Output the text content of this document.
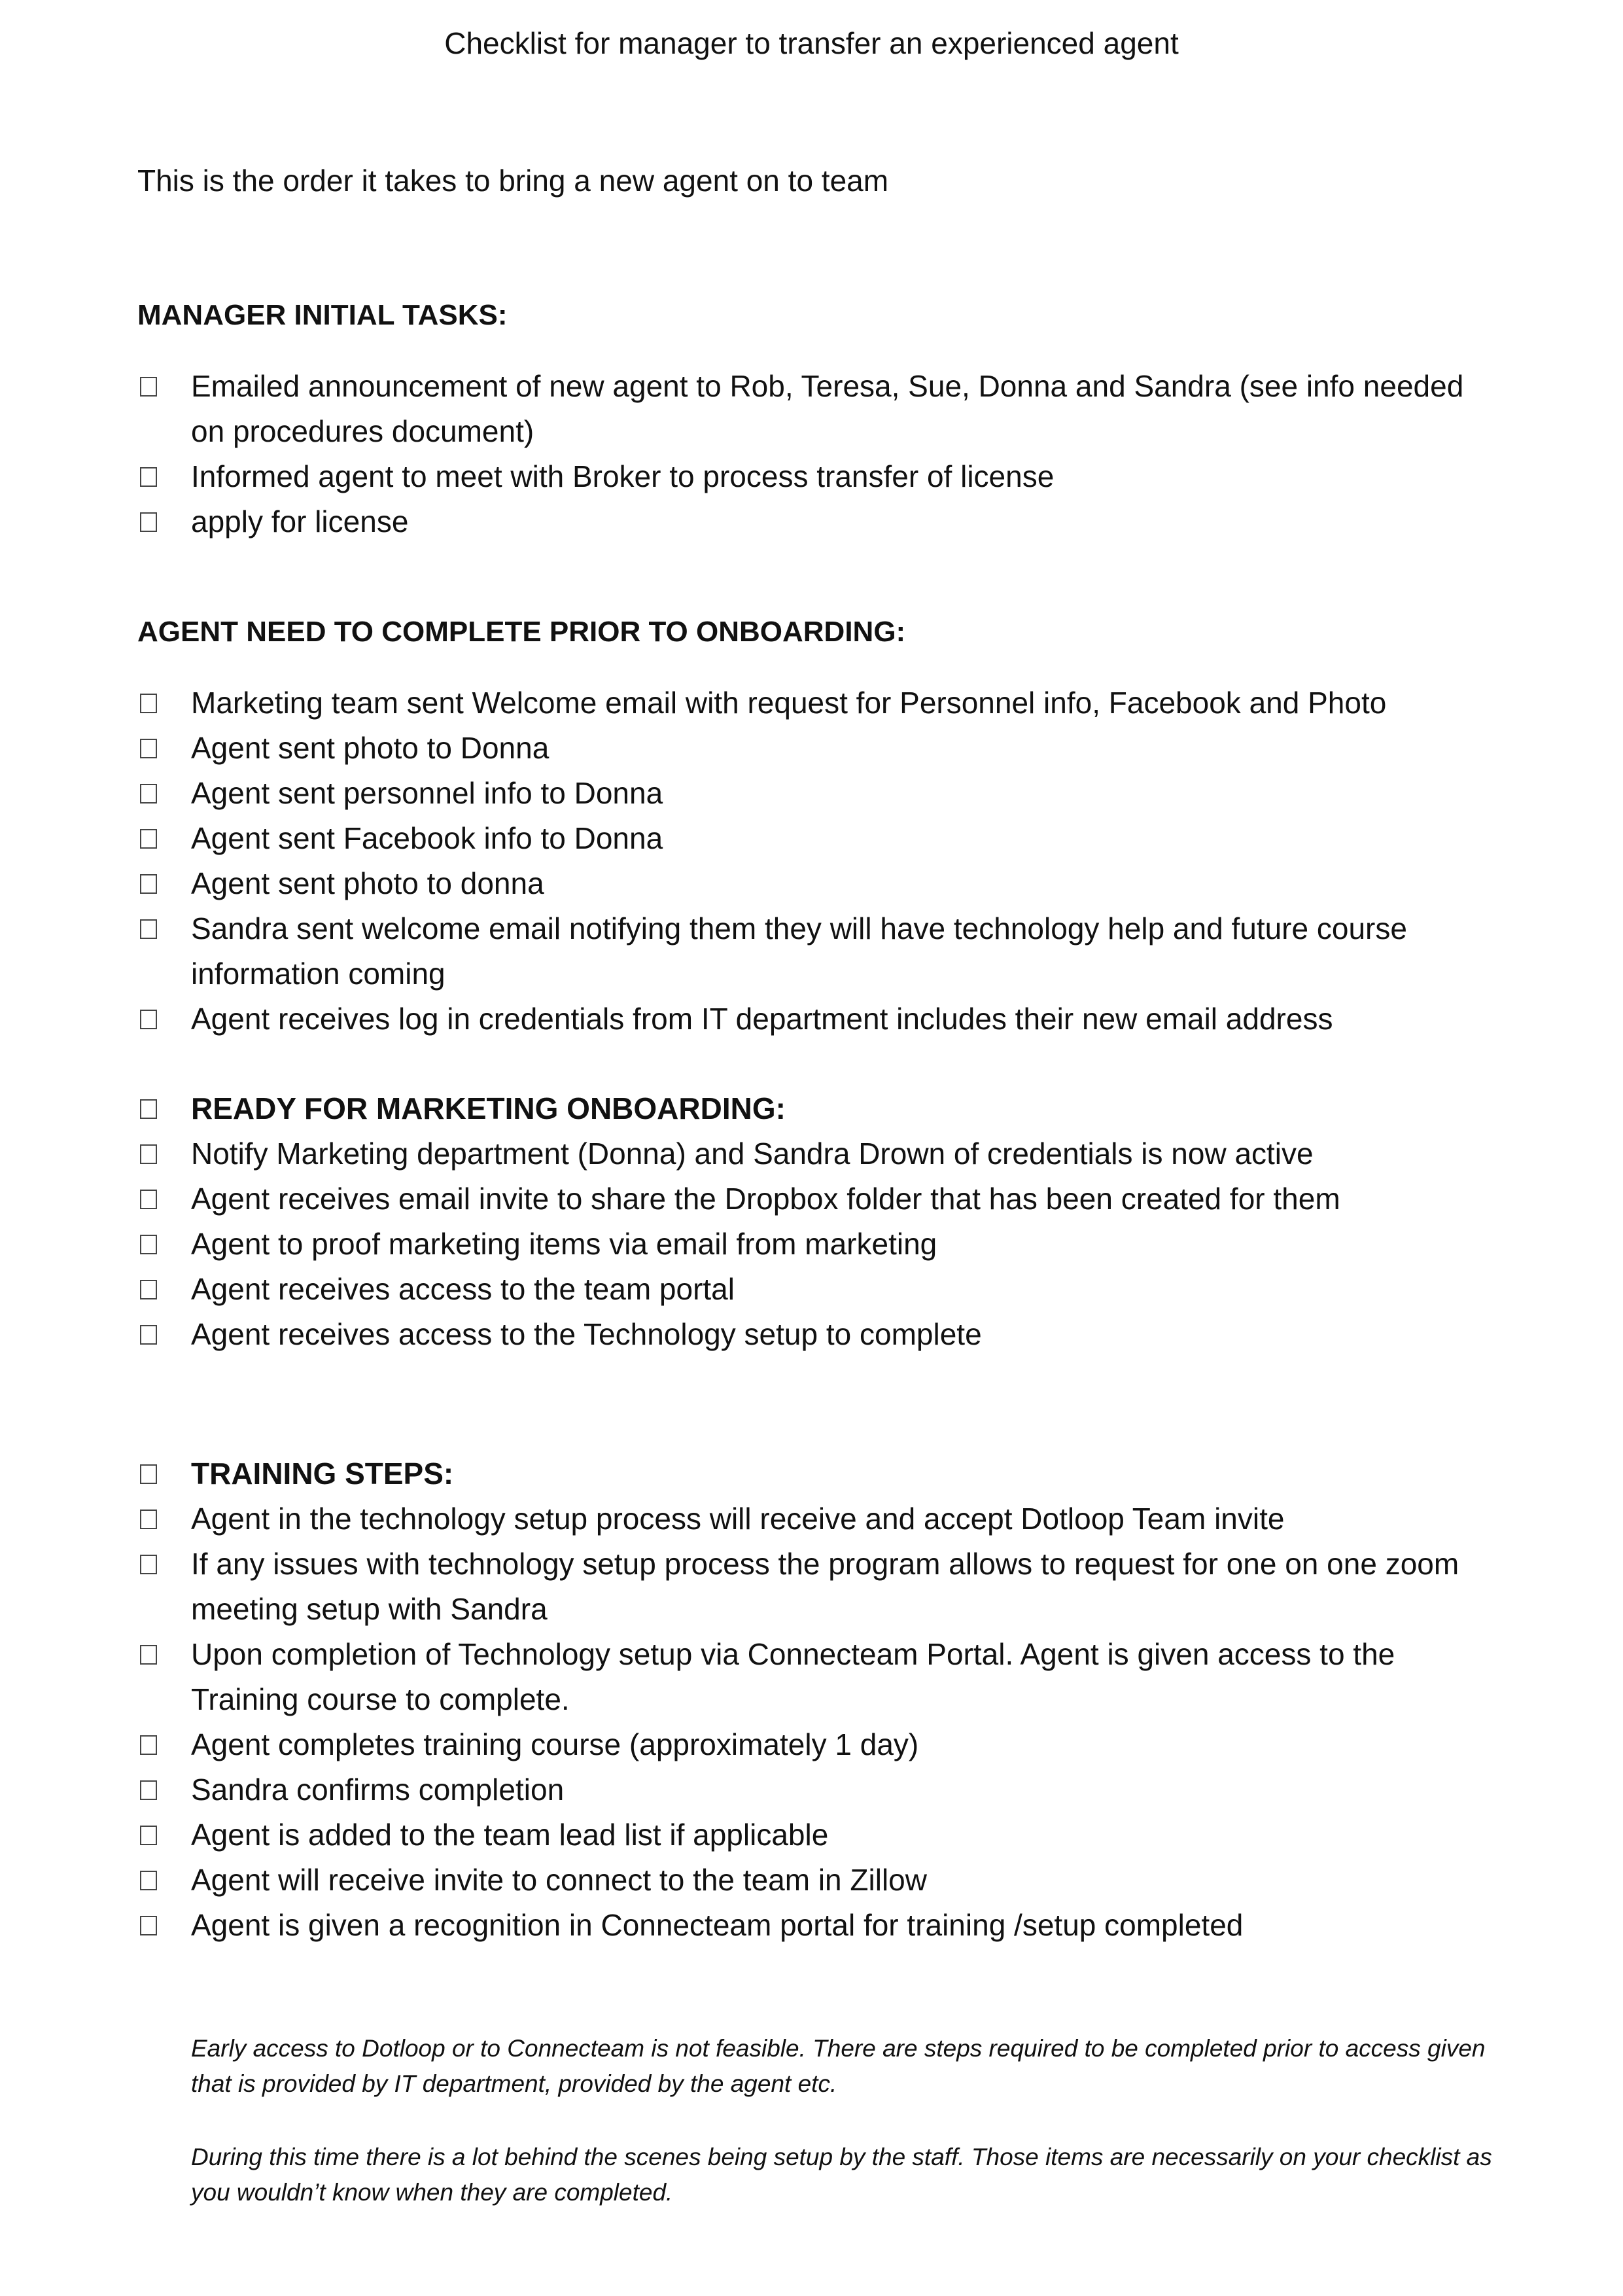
Checklist for manager to transfer an experienced agent

This is the order it takes to bring a new agent on to team

MANAGER INITIAL TASKS:
Emailed announcement of new agent to Rob, Teresa, Sue, Donna and Sandra (see info needed on procedures document)
Informed agent to meet with Broker to process transfer of license
apply for license
AGENT NEED TO COMPLETE PRIOR TO ONBOARDING:
Marketing team sent Welcome email with request for Personnel info, Facebook and Photo
Agent sent photo to Donna
Agent sent personnel info to Donna
Agent sent Facebook info to Donna
Agent sent photo to donna
Sandra sent welcome email notifying them they will have technology help and future course information coming
Agent receives log in credentials from IT department includes their new email address
READY FOR MARKETING ONBOARDING:
Notify Marketing department (Donna) and Sandra Drown of credentials is now active
Agent receives email invite to share the Dropbox folder that has been created for them
Agent to proof marketing items via email from marketing
Agent receives access to the team portal
Agent receives access to the Technology setup to complete
TRAINING STEPS:
Agent in the technology setup process will receive and accept Dotloop Team invite
If any issues with technology setup process the program allows to request for one on one zoom meeting setup with Sandra
Upon completion of Technology setup via Connecteam Portal. Agent is given access to the Training course to complete.
Agent completes training course (approximately 1 day)
Sandra confirms completion
Agent is added to the team lead list if applicable
Agent will receive invite to connect to the team in Zillow
Agent is given a recognition in Connecteam portal for training /setup completed

Early access to Dotloop or to Connecteam is not feasible. There are steps required to be completed prior to access given that is provided by IT department, provided by the agent etc.

During this time there is a lot behind the scenes being setup by the staff. Those items are necessarily on your checklist as you wouldn’t know when they are completed.
